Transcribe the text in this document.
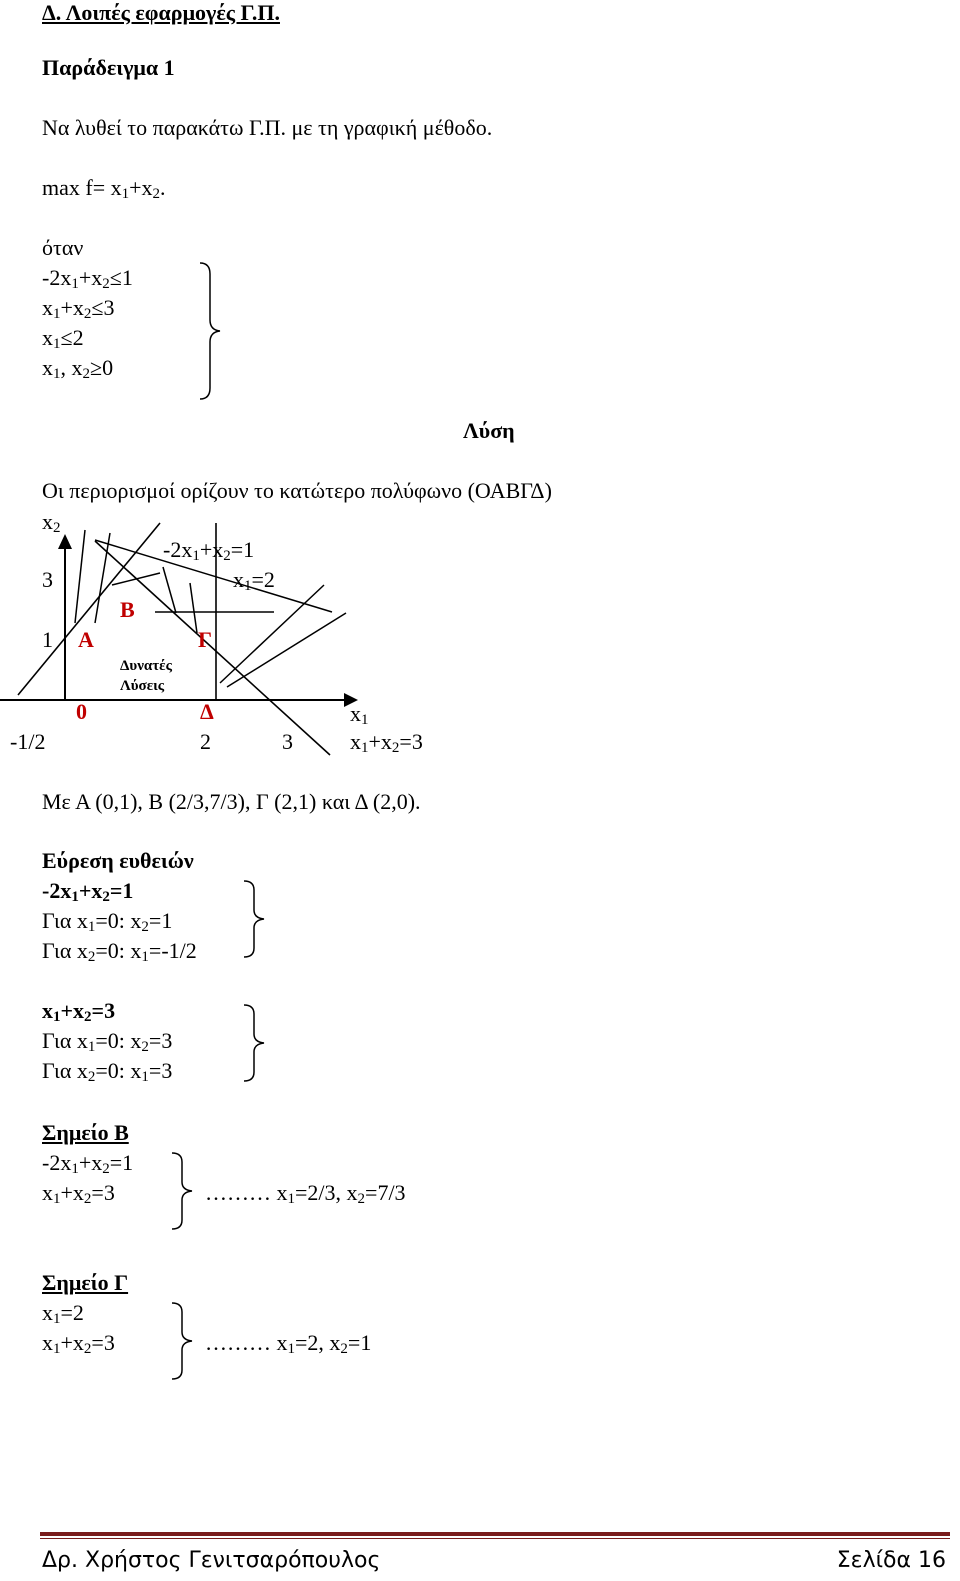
Δ. Λοιπές εφαρμογές Γ.Π.
Παράδειγμα 1
Να λυθεί το παρακάτω Γ.Π. με τη γραφική μέθοδο.
$\max f= x_1+x_2$.
όταν
$-2x_1+x_2\le 1$
$x_1+x_2\le 3$
$x_1\le 2$
$x_1$, $x_2\ge 0$
Λύση
Οι περιορισμοί ορίζουν το κατώτερο πολύφωνο (ΟΑΒΓΔ)
$x_2$
$-2x_1+x_2=1$
3	$x_1=2$
B
1 A	Γ
Δυνατές
Λύσεις
0	Δ	$x_1$
-1/2	2	3	$x_1+x_2=3$
Με Α (0,1), Β (2/3,7/3), Γ (2,1) και Δ (2,0).
Εύρεση ευθειών
$-2x_1+x_2=1$
Για $x_1=0$: $x_2=1$
Για $x_2=0$: $x_1=-1/2$
$x_1+x_2=3$
Για $x_1=0$: $x_2=3$
Για $x_2=0$: $x_1=3$
Σημείο Β
$-2x_1+x_2=1$
$x_1+x_2=3$	……… $x_1=2/3$, $x_2=7/3$
Σημείο Γ
$x_1=2$
$x_1+x_2=3$	……… $x_1=2$, $x_2=1$
Δρ. Χρήστος Γενιτσαρόπουλος	Σελίδα 16
